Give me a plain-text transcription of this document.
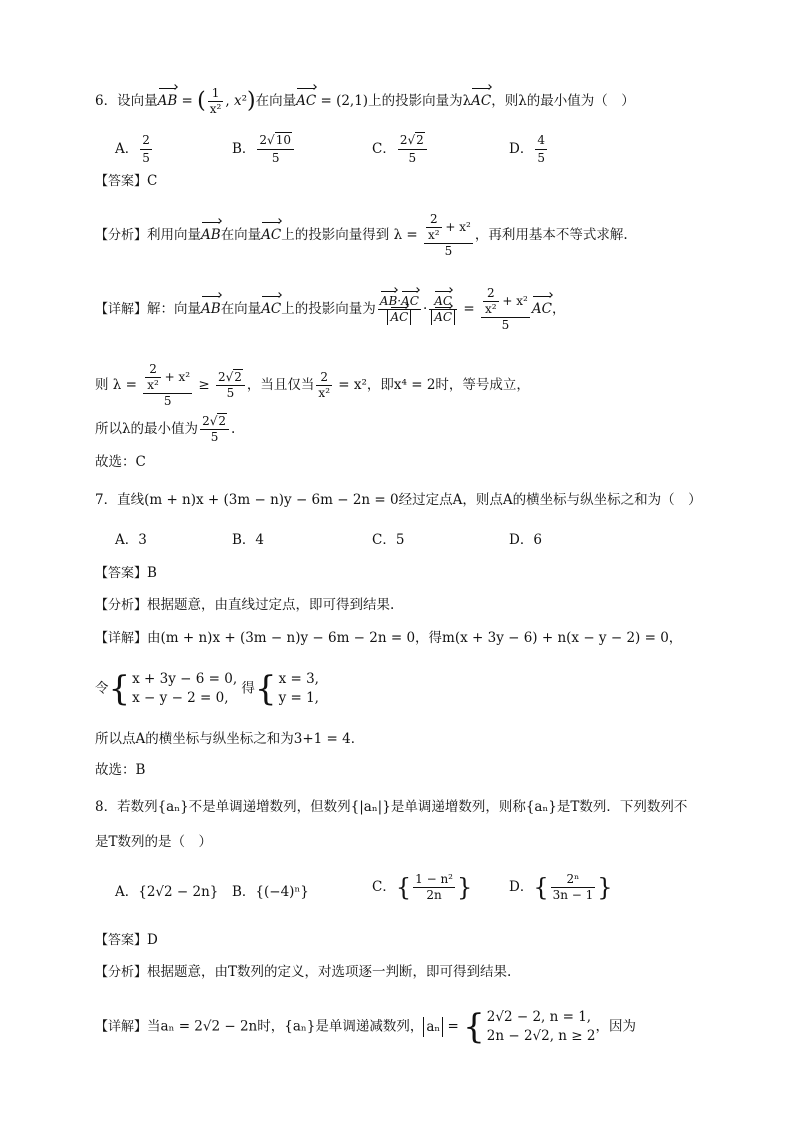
6．设向量AB = ( $\frac{1}{\text{x²}}$ , x²)在向量AC = (2,1)上的投影向量为λAC，则λ的最小值为（　）
A． $\frac{2}{5}$	B． $\frac{2√10}{5}$	C． $\frac{2√2}{5}$	D． $\frac{4}{5}$
【答案】C
【分析】利用向量AB在向量AC上的投影向量得到 $\lambda = \frac{\frac{2}{\text{x²}} + x^2}{5}$ ，再利用基本不等式求解.
【详解】解：向量AB在向量AC上的投影向量为 $\frac{AB\cdot AC}{AC} \cdot \frac{AC}{AC} = \frac{\frac{2}{\text{x²}} + x^2}{5}$ AC，
则 $\lambda = \frac{\frac{2}{\text{x²}} + x^2}{5} \ge \frac{2√2}{5}$ ，当且仅当 $\frac{2}{\text{x²}} = x^2$，即x⁴ = 2时，等号成立，
所以λ的最小值为 $\frac{2√2}{5}$ .
故选：C
7．直线(m + n)x + (3m − n)y − 6m − 2n = 0经过定点A，则点A的横坐标与纵坐标之和为（　）
A．3	B．4	C．5	D．6
【答案】B
【分析】根据题意，由直线过定点，即可得到结果.
【详解】由(m + n)x + (3m − n)y − 6m − 2n = 0，得m(x + 3y − 6) + n(x − y − 2) = 0，
令{ x + 3y − 6 = 0,
x − y − 2 = 0, 得{ x = 3,
y = 1,
所以点A的横坐标与纵坐标之和为3+1 = 4．
故选：B
8．若数列{aₙ}不是单调递增数列，但数列{|aₙ|}是单调递增数列，则称{aₙ}是T数列．下列数列不
是T数列的是（　）
A．{2√2 − 2n} B．{(−4)ⁿ}	C．{ $\frac{\text{1 − n²}}{2n}$ }	D．{ $\frac{\text{2ⁿ}}{3n - 1}$ }
【答案】D
【分析】根据题意，由T数列的定义，对选项逐一判断，即可得到结果.
【详解】当aₙ = 2√2 − 2n时，{aₙ}是单调递减数列， aₙ = { 2√2 − 2, n = 1,
2n − 2√2, n ≥ 2，因为
